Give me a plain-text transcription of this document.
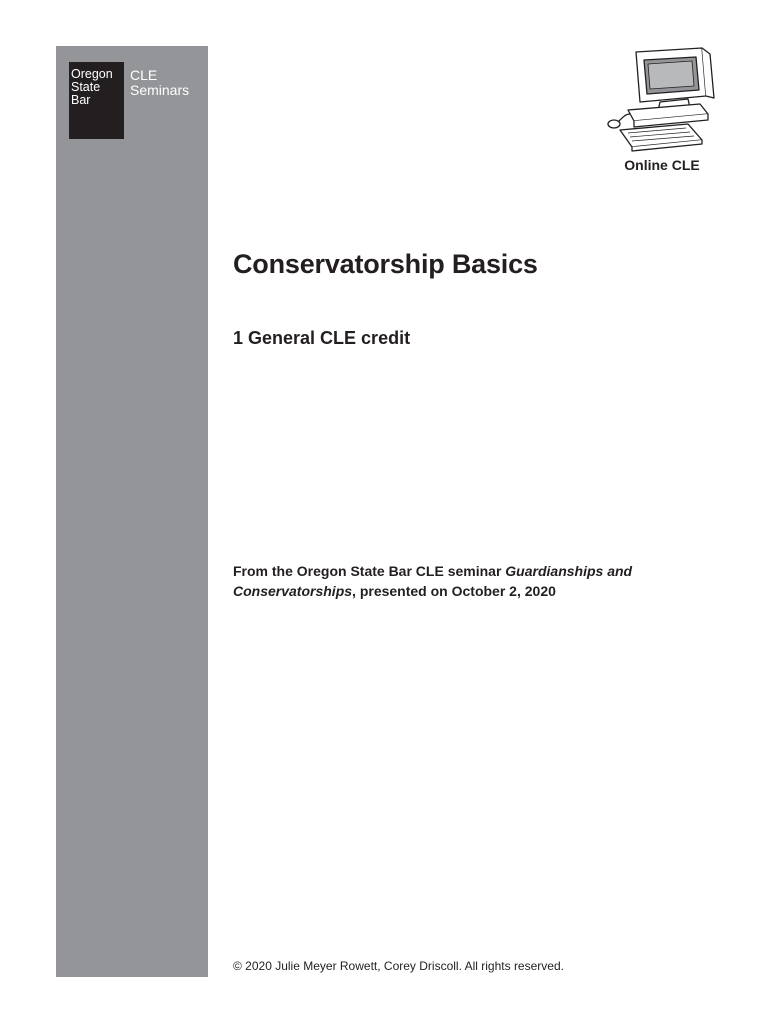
Oregon
State
Bar
CLE
Seminars
Online CLE
Conservatorship Basics

1 General CLE credit

From the Oregon State Bar CLE seminar Guardianships and Conservatorships, presented on October 2, 2020

© 2020 Julie Meyer Rowett, Corey Driscoll. All rights reserved.
